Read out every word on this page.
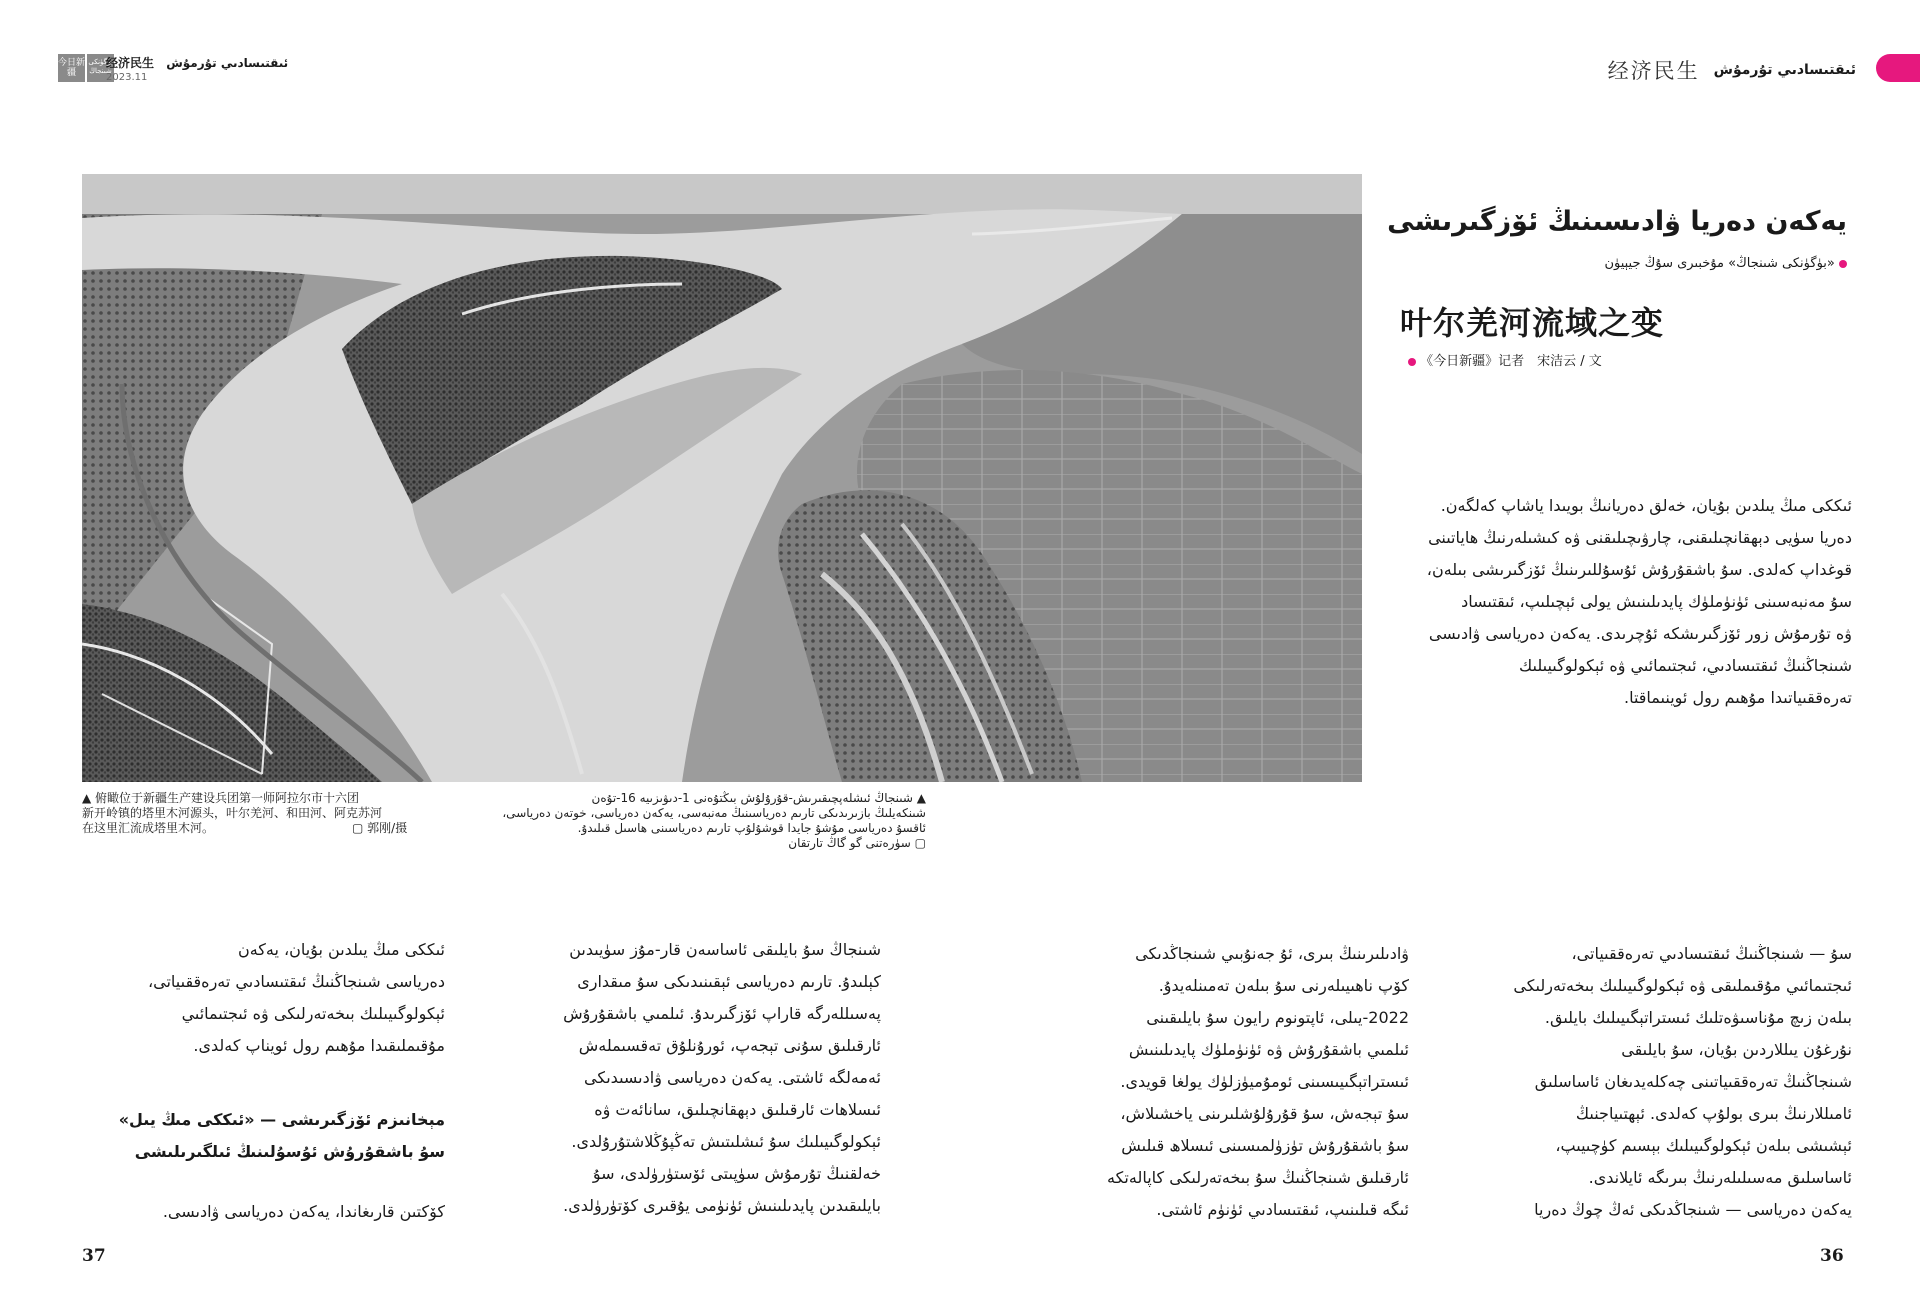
今日新疆
بۈگۈنكى شىنجاڭ
经济民生 ئىقتىسادىي تۇرمۇش
2023.11	经济民生 ئىقتىسادىي تۇرمۇش
▲ 俯瞰位于新疆生产建设兵团第一师阿拉尔市十六团
新开岭镇的塔里木河源头，叶尔羌河、和田河、阿克苏河
在这里汇流成塔里木河。　　　　　　　　　　　　▢ 郭刚/摄
▲ شىنجاڭ ئىشلەپچىقىرىش-قۇرۇلۇش بىڭتۇەنى 1-دىۋىزىيە 16-تۇەن
شىنكەيلىڭ بازىرىدىكى تارىم دەرياسىنىڭ مەنبەسى، يەكەن دەرياسى، خوتەن دەرياسى،
ئاقسۇ دەرياسى مۇشۇ جايدا قوشۇلۇپ تارىم دەرياسىنى ھاسىل قىلىدۇ.
▢ سۈرەتنى گو گاڭ تارتقان
يەكەن دەريا ۋادىسىنىڭ ئۆزگىرىشى
«بۈگۈنكى شىنجاڭ» مۇخبىرى سۇڭ جيېيۈن
叶尔羌河流域之变
《今日新疆》记者　宋洁云 / 文
ئىككى مىڭ يىلدىن بۇيان، خەلق دەريانىڭ بويىدا ياشاپ كەلگەن.
دەريا سۈيى دېھقانچىلىقنى، چارۋىچىلىقنى ۋە كىشىلەرنىڭ ھاياتىنى
قوغداپ كەلدى. سۇ باشقۇرۇش ئۇسۇللىرىنىڭ ئۆزگىرىشى بىلەن،
سۇ مەنبەسىنى ئۈنۈملۈك پايدىلىنىش يولى ئېچىلىپ، ئىقتىساد
ۋە تۇرمۇش زور ئۆزگىرىشكە ئۇچرىدى. يەكەن دەرياسى ۋادىسى
شىنجاڭنىڭ ئىقتىسادىي، ئىجتىمائىي ۋە ئېكولوگىيىلىك
تەرەققىياتىدا مۇھىم رول ئوينىماقتا.
سۇ — شىنجاڭنىڭ ئىقتىسادىي تەرەققىياتى،
ئىجتىمائىي مۇقىملىقى ۋە ئېكولوگىيىلىك بىخەتەرلىكى
بىلەن زىچ مۇناسىۋەتلىك ئىستراتېگىيىلىك بايلىق.
نۇرغۇن يىللاردىن بۇيان، سۇ بايلىقى
شىنجاڭنىڭ تەرەققىياتىنى چەكلەيدىغان ئاساسلىق
ئامىللارنىڭ بىرى بولۇپ كەلدى. ئېھتىياجنىڭ
ئېشىشى بىلەن ئېكولوگىيىلىك بېسىم كۈچىيىپ،
ئاساسلىق مەسىلىلەرنىڭ بىرىگە ئايلاندى.
يەكەن دەرياسى — شىنجاڭدىكى ئەڭ چوڭ دەريا
ۋادىلىرىنىڭ بىرى، ئۇ جەنۇبىي شىنجاڭدىكى
كۆپ ناھىيىلەرنى سۇ بىلەن تەمىنلەيدۇ.
2022-يىلى، ئاپتونوم رايون سۇ بايلىقىنى
ئىلمىي باشقۇرۇش ۋە ئۈنۈملۈك پايدىلىنىش
ئىستراتېگىيىسىنى ئومۇميۈزلۈك يولغا قويدى.
سۇ تېجەش، سۇ قۇرۇلۇشلىرىنى ياخشىلاش،
سۇ باشقۇرۇش تۈزۈلمىسىنى ئىسلاھ قىلىش
ئارقىلىق شىنجاڭنىڭ سۇ بىخەتەرلىكى كاپالەتكە
ئىگە قىلىنىپ، ئىقتىسادىي ئۈنۈم ئاشتى.
شىنجاڭ سۇ بايلىقى ئاساسەن قار-مۇز سۈيىدىن
كېلىدۇ. تارىم دەرياسى ئېقىنىدىكى سۇ مىقدارى
پەسىللەرگە قاراپ ئۆزگىرىدۇ. ئىلمىي باشقۇرۇش
ئارقىلىق سۇنى تېجەپ، ئورۇنلۇق تەقسىملەش
ئەمەلگە ئاشتى. يەكەن دەرياسى ۋادىسىدىكى
ئىسلاھات ئارقىلىق دېھقانچىلىق، سانائەت ۋە
ئېكولوگىيىلىك سۇ ئىشلىتىش تەڭپۇڭلاشتۇرۇلدى.
خەلقنىڭ تۇرمۇش سۈپىتى ئۆستۈرۈلدى، سۇ
بايلىقىدىن پايدىلىنىش ئۈنۈمى يۇقىرى كۆتۈرۈلدى.
ئىككى مىڭ يىلدىن بۇيان، يەكەن
دەرياسى شىنجاڭنىڭ ئىقتىسادىي تەرەققىياتى،
ئېكولوگىيىلىك بىخەتەرلىكى ۋە ئىجتىمائىي
مۇقىملىقىدا مۇھىم رول ئويناپ كەلدى.
مېخانىزم ئۆزگىرىشى — «ئىككى مىڭ يىل»
سۇ باشقۇرۇش ئۇسۇلىنىڭ ئىلگىرىلىشى
كۆكتىن قارىغاندا، يەكەن دەرياسى ۋادىسى.
37	36
